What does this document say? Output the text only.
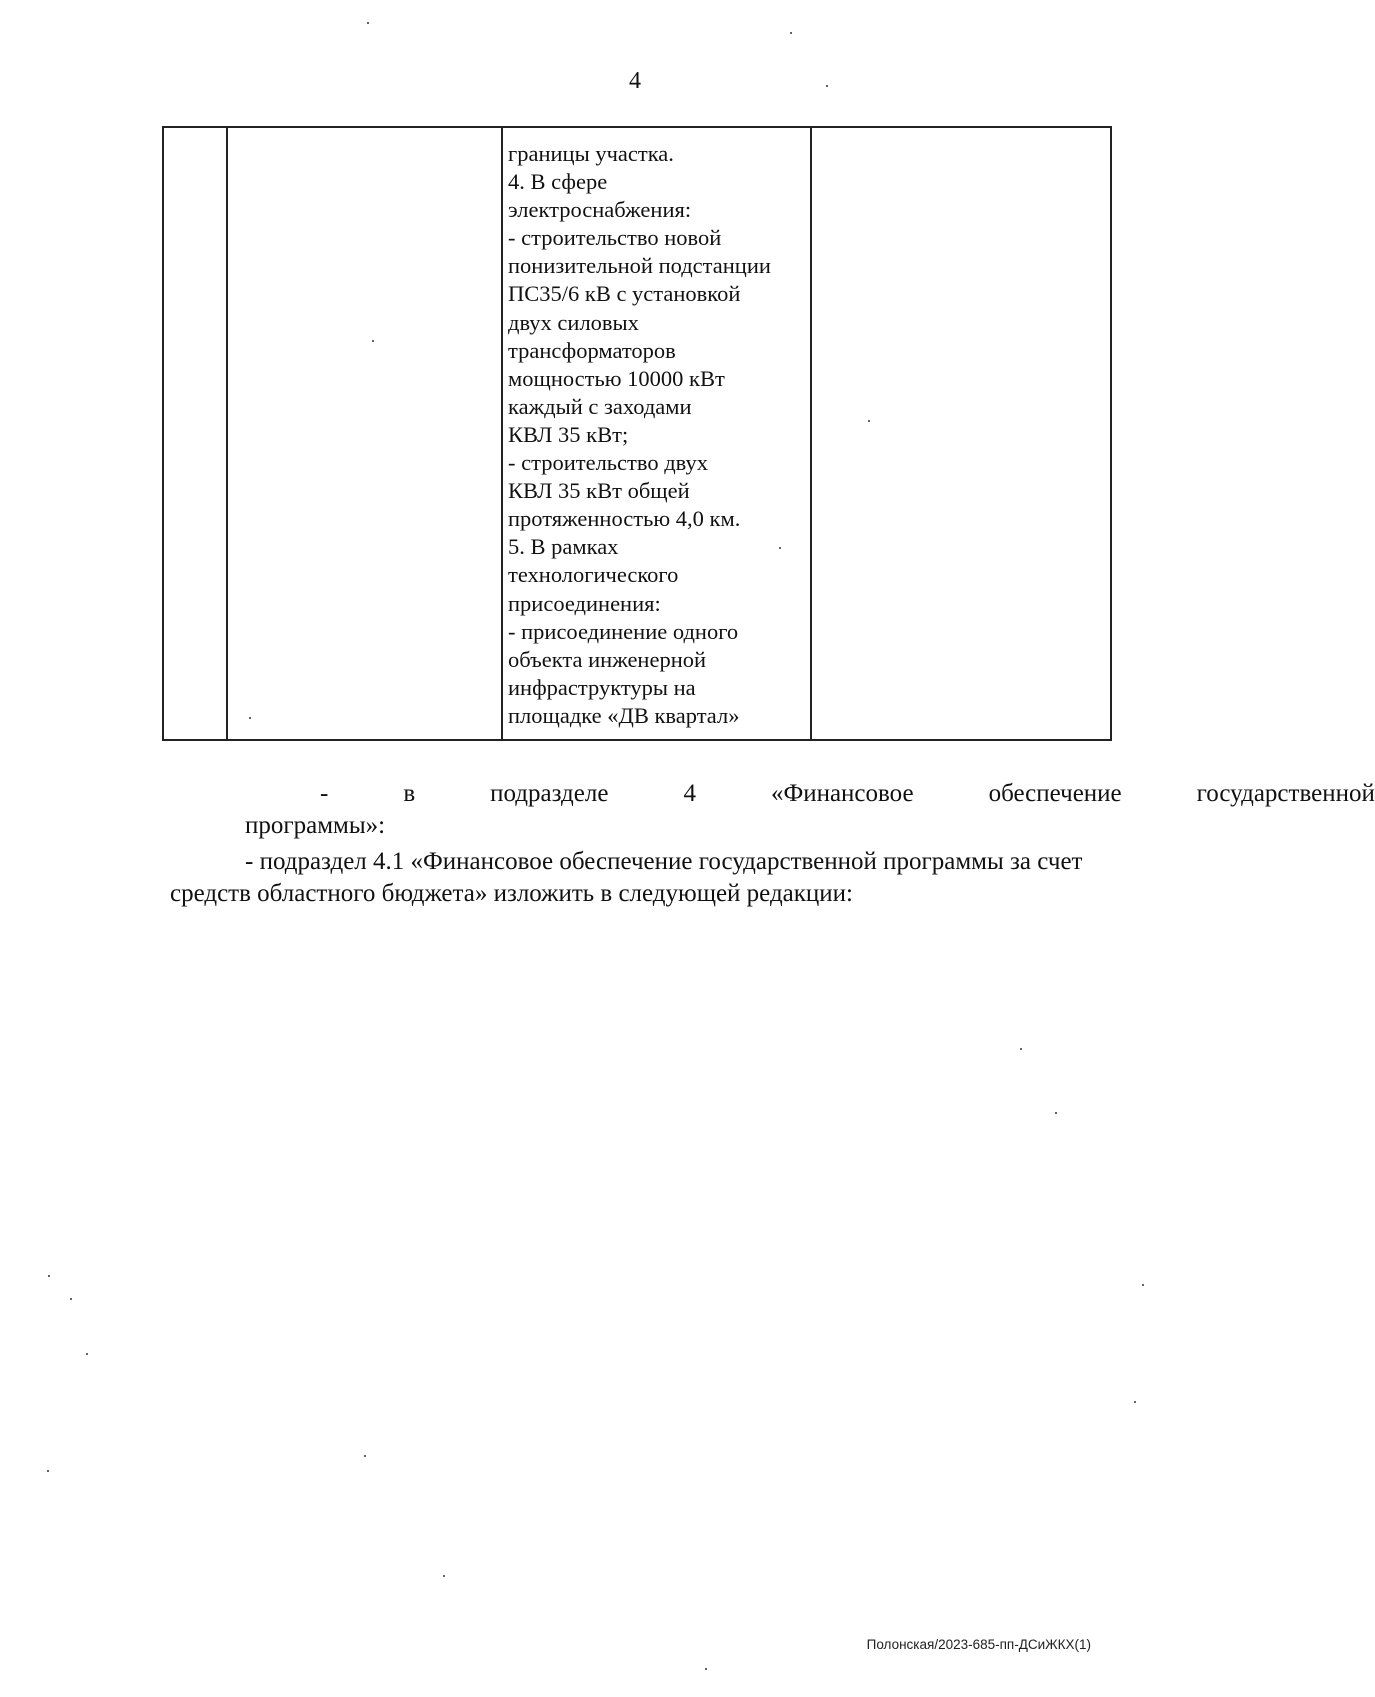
4

границы участка.
4. В сфере
электроснабжения:
- строительство новой
понизительной подстанции
ПС35/6 кВ с установкой
двух силовых
трансформаторов
мощностью 10000 кВт
каждый с заходами
КВЛ 35 кВт;
- строительство двух
КВЛ 35 кВт общей
протяженностью 4,0 км.
5. В рамках
технологического
присоединения:
- присоединение одного
объекта инженерной
инфраструктуры на
площадке «ДВ квартал»

-	в	подразделе	4	«Финансовое	обеспечение	государственной
программы»:
- подраздел 4.1 «Финансовое обеспечение государственной программы за счет средств областного бюджета» изложить в следующей редакции:
Полонская/2023-685-пп-ДСиЖКХ(1)
